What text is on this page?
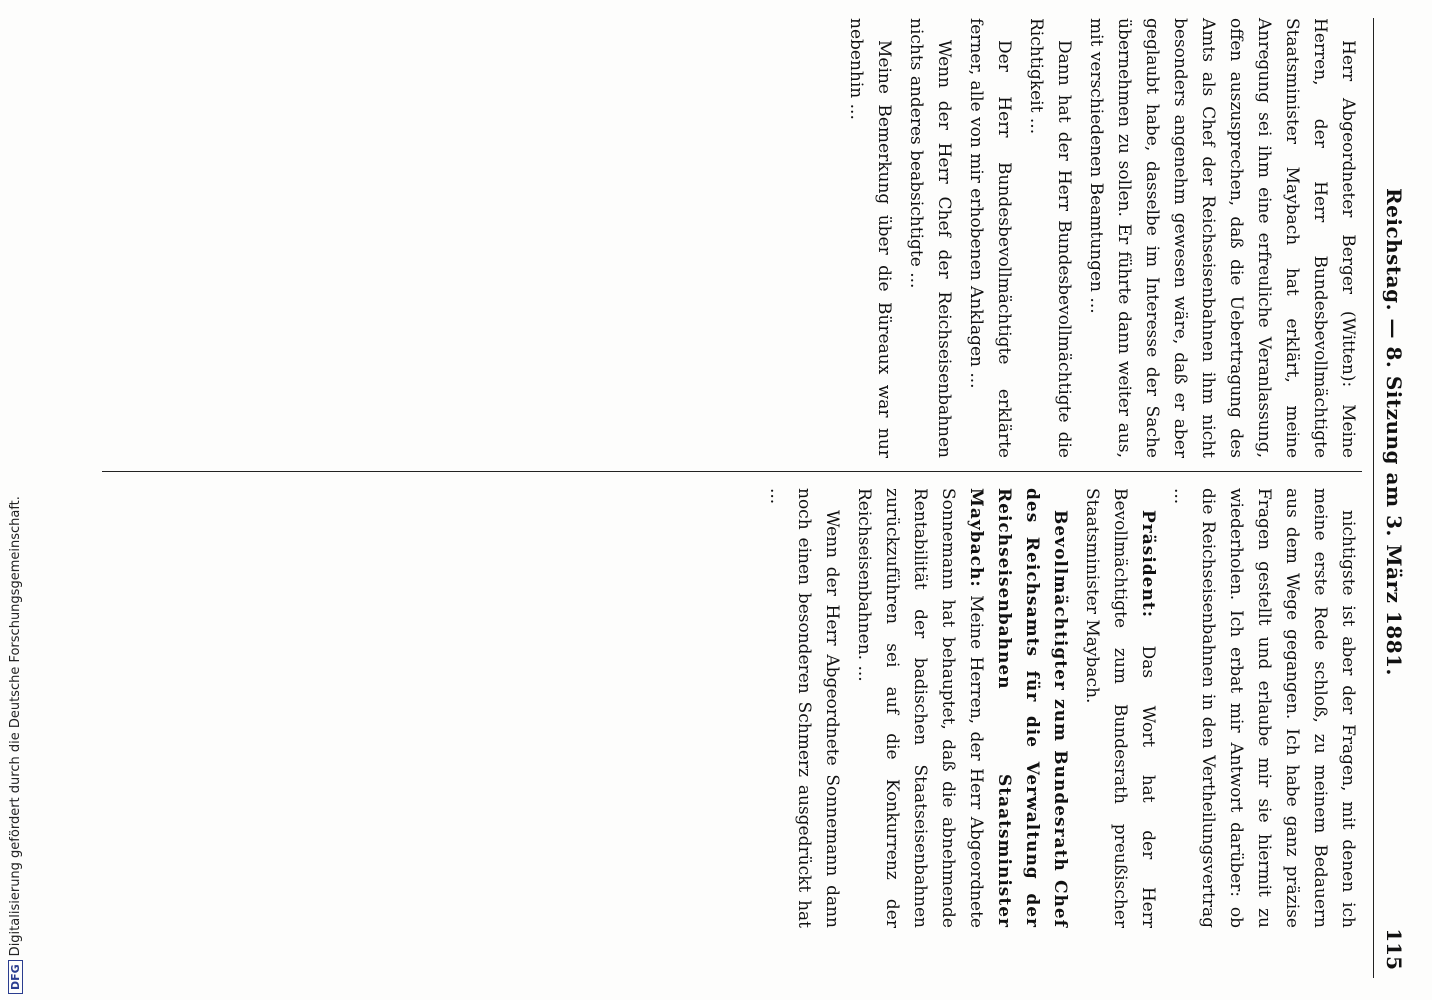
DFGDigitalisierung gefördert durch die Deutsche Forschungsgemeinschaft.
Reichstag. — 8. Sitzung am 3. März 1881.
115

Herr Abgeordneter Berger (Witten): Meine Herren, der Herr Bundesbevollmächtigte Staatsminister Maybach hat erklärt, meine Anregung sei ihm eine erfreuliche Veranlassung, offen auszusprechen, daß die Uebertragung des Amts als Chef der Reichseisenbahnen ihm nicht besonders angenehm gewesen wäre, daß er aber geglaubt habe, dasselbe im Interesse der Sache übernehmen zu sollen. Er führte dann weiter aus, mit verschiedenen Beamtungen ...

Dann hat der Herr Bundesbevollmächtigte die Richtigkeit ...

Der Herr Bundesbevollmächtigte erklärte ferner, alle von mir erhobenen Anklagen ...

Wenn der Herr Chef der Reichseisenbahnen nichts anderes beabsichtigte ...

Meine Bemerkung über die Büreaux war nur nebenhin ...

nichtigste ist aber der Fragen, mit denen ich meine erste Rede schloß, zu meinem Bedauern aus dem Wege gegangen. Ich habe ganz präzise Fragen gestellt und erlaube mir sie hiermit zu wiederholen. Ich erbat mir Antwort darüber: ob die Reichseisenbahnen in den Vertheilungsvertrag ...

Präsident: Das Wort hat der Herr Bevollmächtigte zum Bundesrath preußischer Staatsminister Maybach.

Bevollmächtigter zum Bundesrath Chef des Reichsamts für die Verwaltung der Reichseisenbahnen Staatsminister Maybach: Meine Herren, der Herr Abgeordnete Sonnemann hat behauptet, daß die abnehmende Rentabilität der badischen Staatseisenbahnen zurückzuführen sei auf die Konkurrenz der Reichseisenbahnen. ...

Wenn der Herr Abgeordnete Sonnemann dann noch einen besonderen Schmerz ausgedrückt hat ...
